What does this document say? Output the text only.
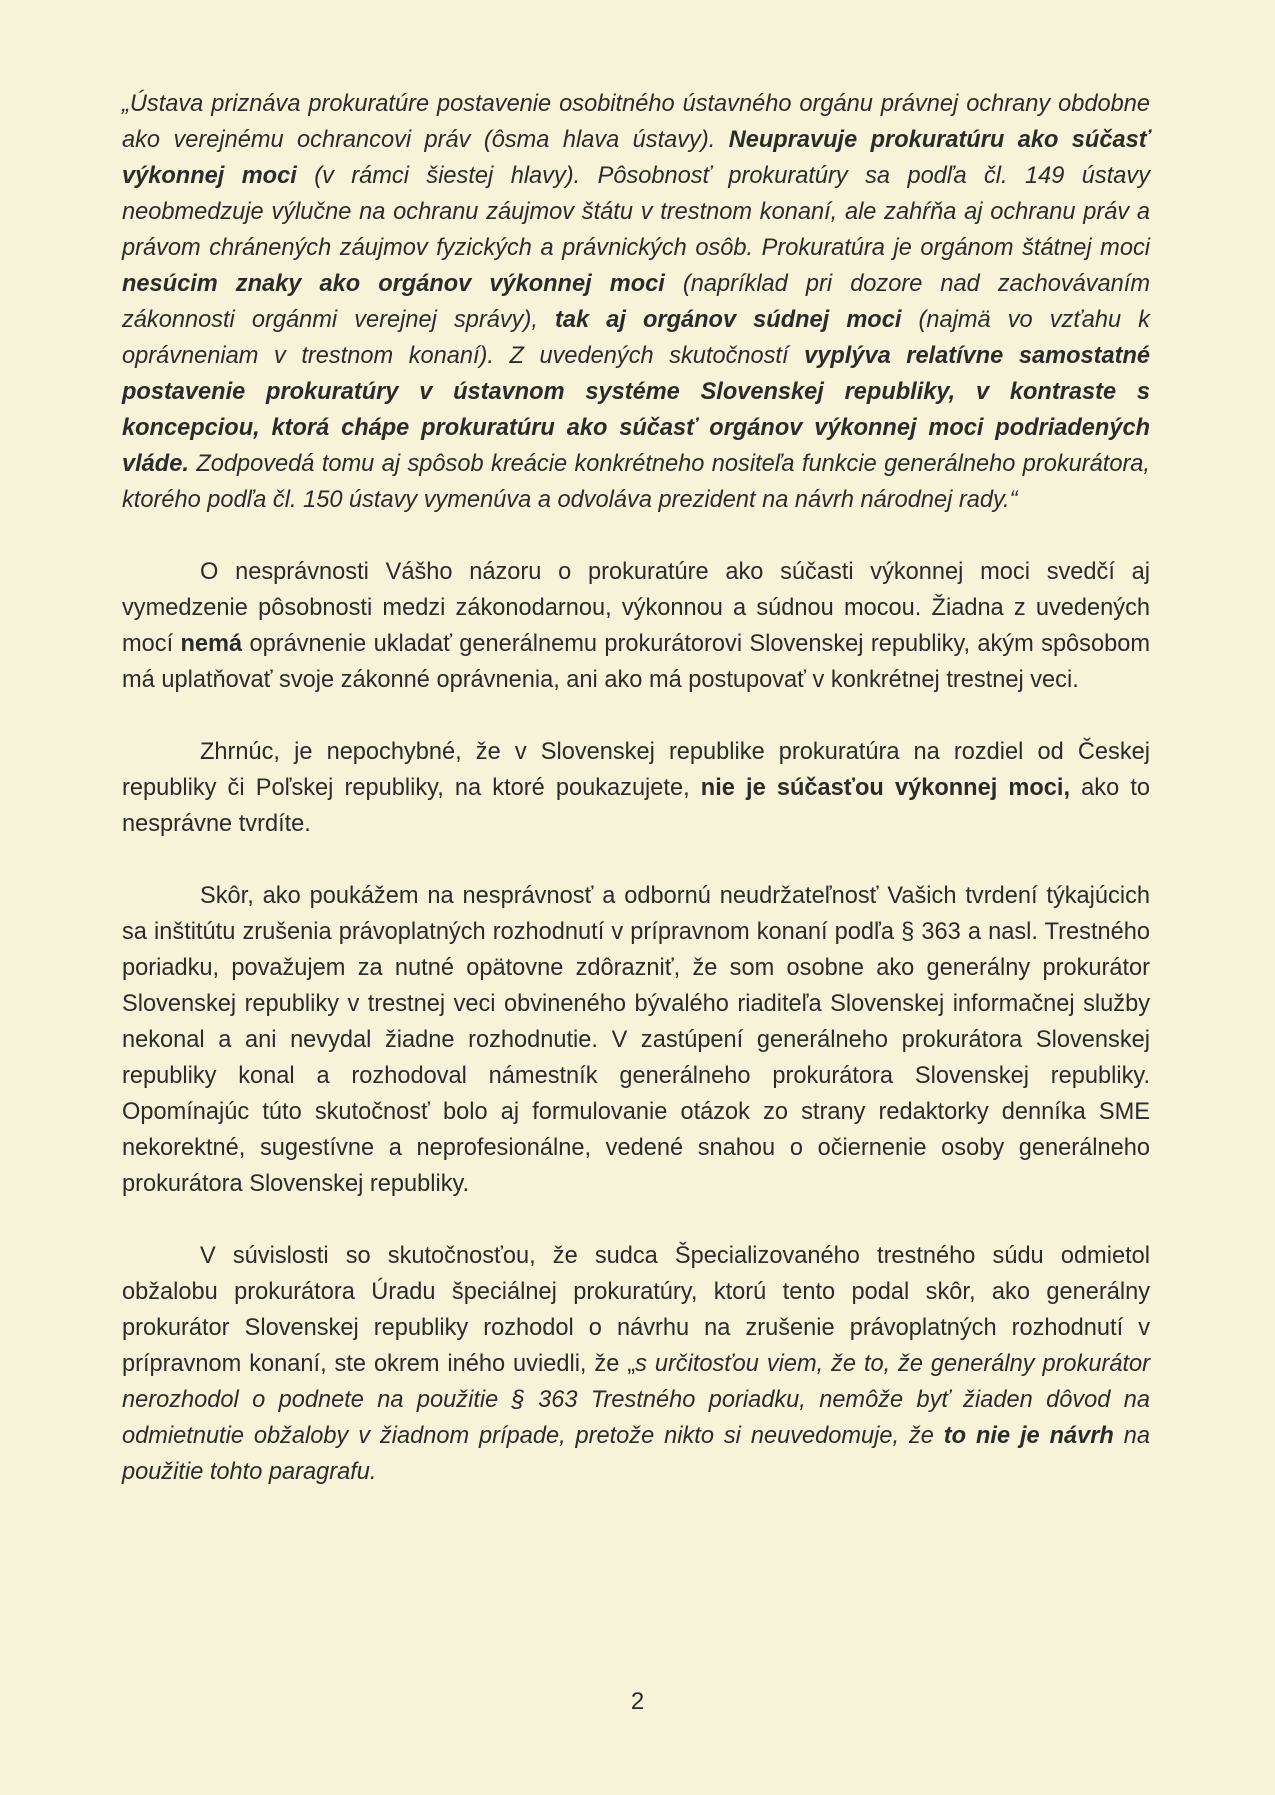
„Ústava priznáva prokuratúre postavenie osobitného ústavného orgánu právnej ochrany obdobne ako verejnému ochrancovi práv (ôsma hlava ústavy). Neupravuje prokuratúru ako súčasť výkonnej moci (v rámci šiestej hlavy). Pôsobnosť prokuratúry sa podľa čl. 149 ústavy neobmedzuje výlučne na ochranu záujmov štátu v trestnom konaní, ale zahŕňa aj ochranu práv a právom chránených záujmov fyzických a právnických osôb. Prokuratúra je orgánom štátnej moci nesúcim znaky ako orgánov výkonnej moci (napríklad pri dozore nad zachovávaním zákonnosti orgánmi verejnej správy), tak aj orgánov súdnej moci (najmä vo vzťahu k oprávneniam v trestnom konaní). Z uvedených skutočností vyplýva relatívne samostatné postavenie prokuratúry v ústavnom systéme Slovenskej republiky, v kontraste s koncepciou, ktorá chápe prokuratúru ako súčasť orgánov výkonnej moci podriadených vláde. Zodpovedá tomu aj spôsob kreácie konkrétneho nositeľa funkcie generálneho prokurátora, ktorého podľa čl. 150 ústavy vymenúva a odvoláva prezident na návrh národnej rady.“

O nesprávnosti Vášho názoru o prokuratúre ako súčasti výkonnej moci svedčí aj vymedzenie pôsobnosti medzi zákonodarnou, výkonnou a súdnou mocou. Žiadna z uvedených mocí nemá oprávnenie ukladať generálnemu prokurátorovi Slovenskej republiky, akým spôsobom má uplatňovať svoje zákonné oprávnenia, ani ako má postupovať v konkrétnej trestnej veci.

Zhrnúc, je nepochybné, že v Slovenskej republike prokuratúra na rozdiel od Českej republiky či Poľskej republiky, na ktoré poukazujete, nie je súčasťou výkonnej moci, ako to nesprávne tvrdíte.

Skôr, ako poukážem na nesprávnosť a odbornú neudržateľnosť Vašich tvrdení týkajúcich sa inštitútu zrušenia právoplatných rozhodnutí v prípravnom konaní podľa § 363 a nasl. Trestného poriadku, považujem za nutné opätovne zdôrazniť, že som osobne ako generálny prokurátor Slovenskej republiky v trestnej veci obvineného bývalého riaditeľa Slovenskej informačnej služby nekonal a ani nevydal žiadne rozhodnutie. V zastúpení generálneho prokurátora Slovenskej republiky konal a rozhodoval námestník generálneho prokurátora Slovenskej republiky. Opomínajúc túto skutočnosť bolo aj formulovanie otázok zo strany redaktorky denníka SME nekorektné, sugestívne a neprofesionálne, vedené snahou o očiernenie osoby generálneho prokurátora Slovenskej republiky.

V súvislosti so skutočnosťou, že sudca Špecializovaného trestného súdu odmietol obžalobu prokurátora Úradu špeciálnej prokuratúry, ktorú tento podal skôr, ako generálny prokurátor Slovenskej republiky rozhodol o návrhu na zrušenie právoplatných rozhodnutí v prípravnom konaní, ste okrem iného uviedli, že „s určitosťou viem, že to, že generálny prokurátor nerozhodol o podnete na použitie § 363 Trestného poriadku, nemôže byť žiaden dôvod na odmietnutie obžaloby v žiadnom prípade, pretože nikto si neuvedomuje, že to nie je návrh na použitie tohto paragrafu.

2
